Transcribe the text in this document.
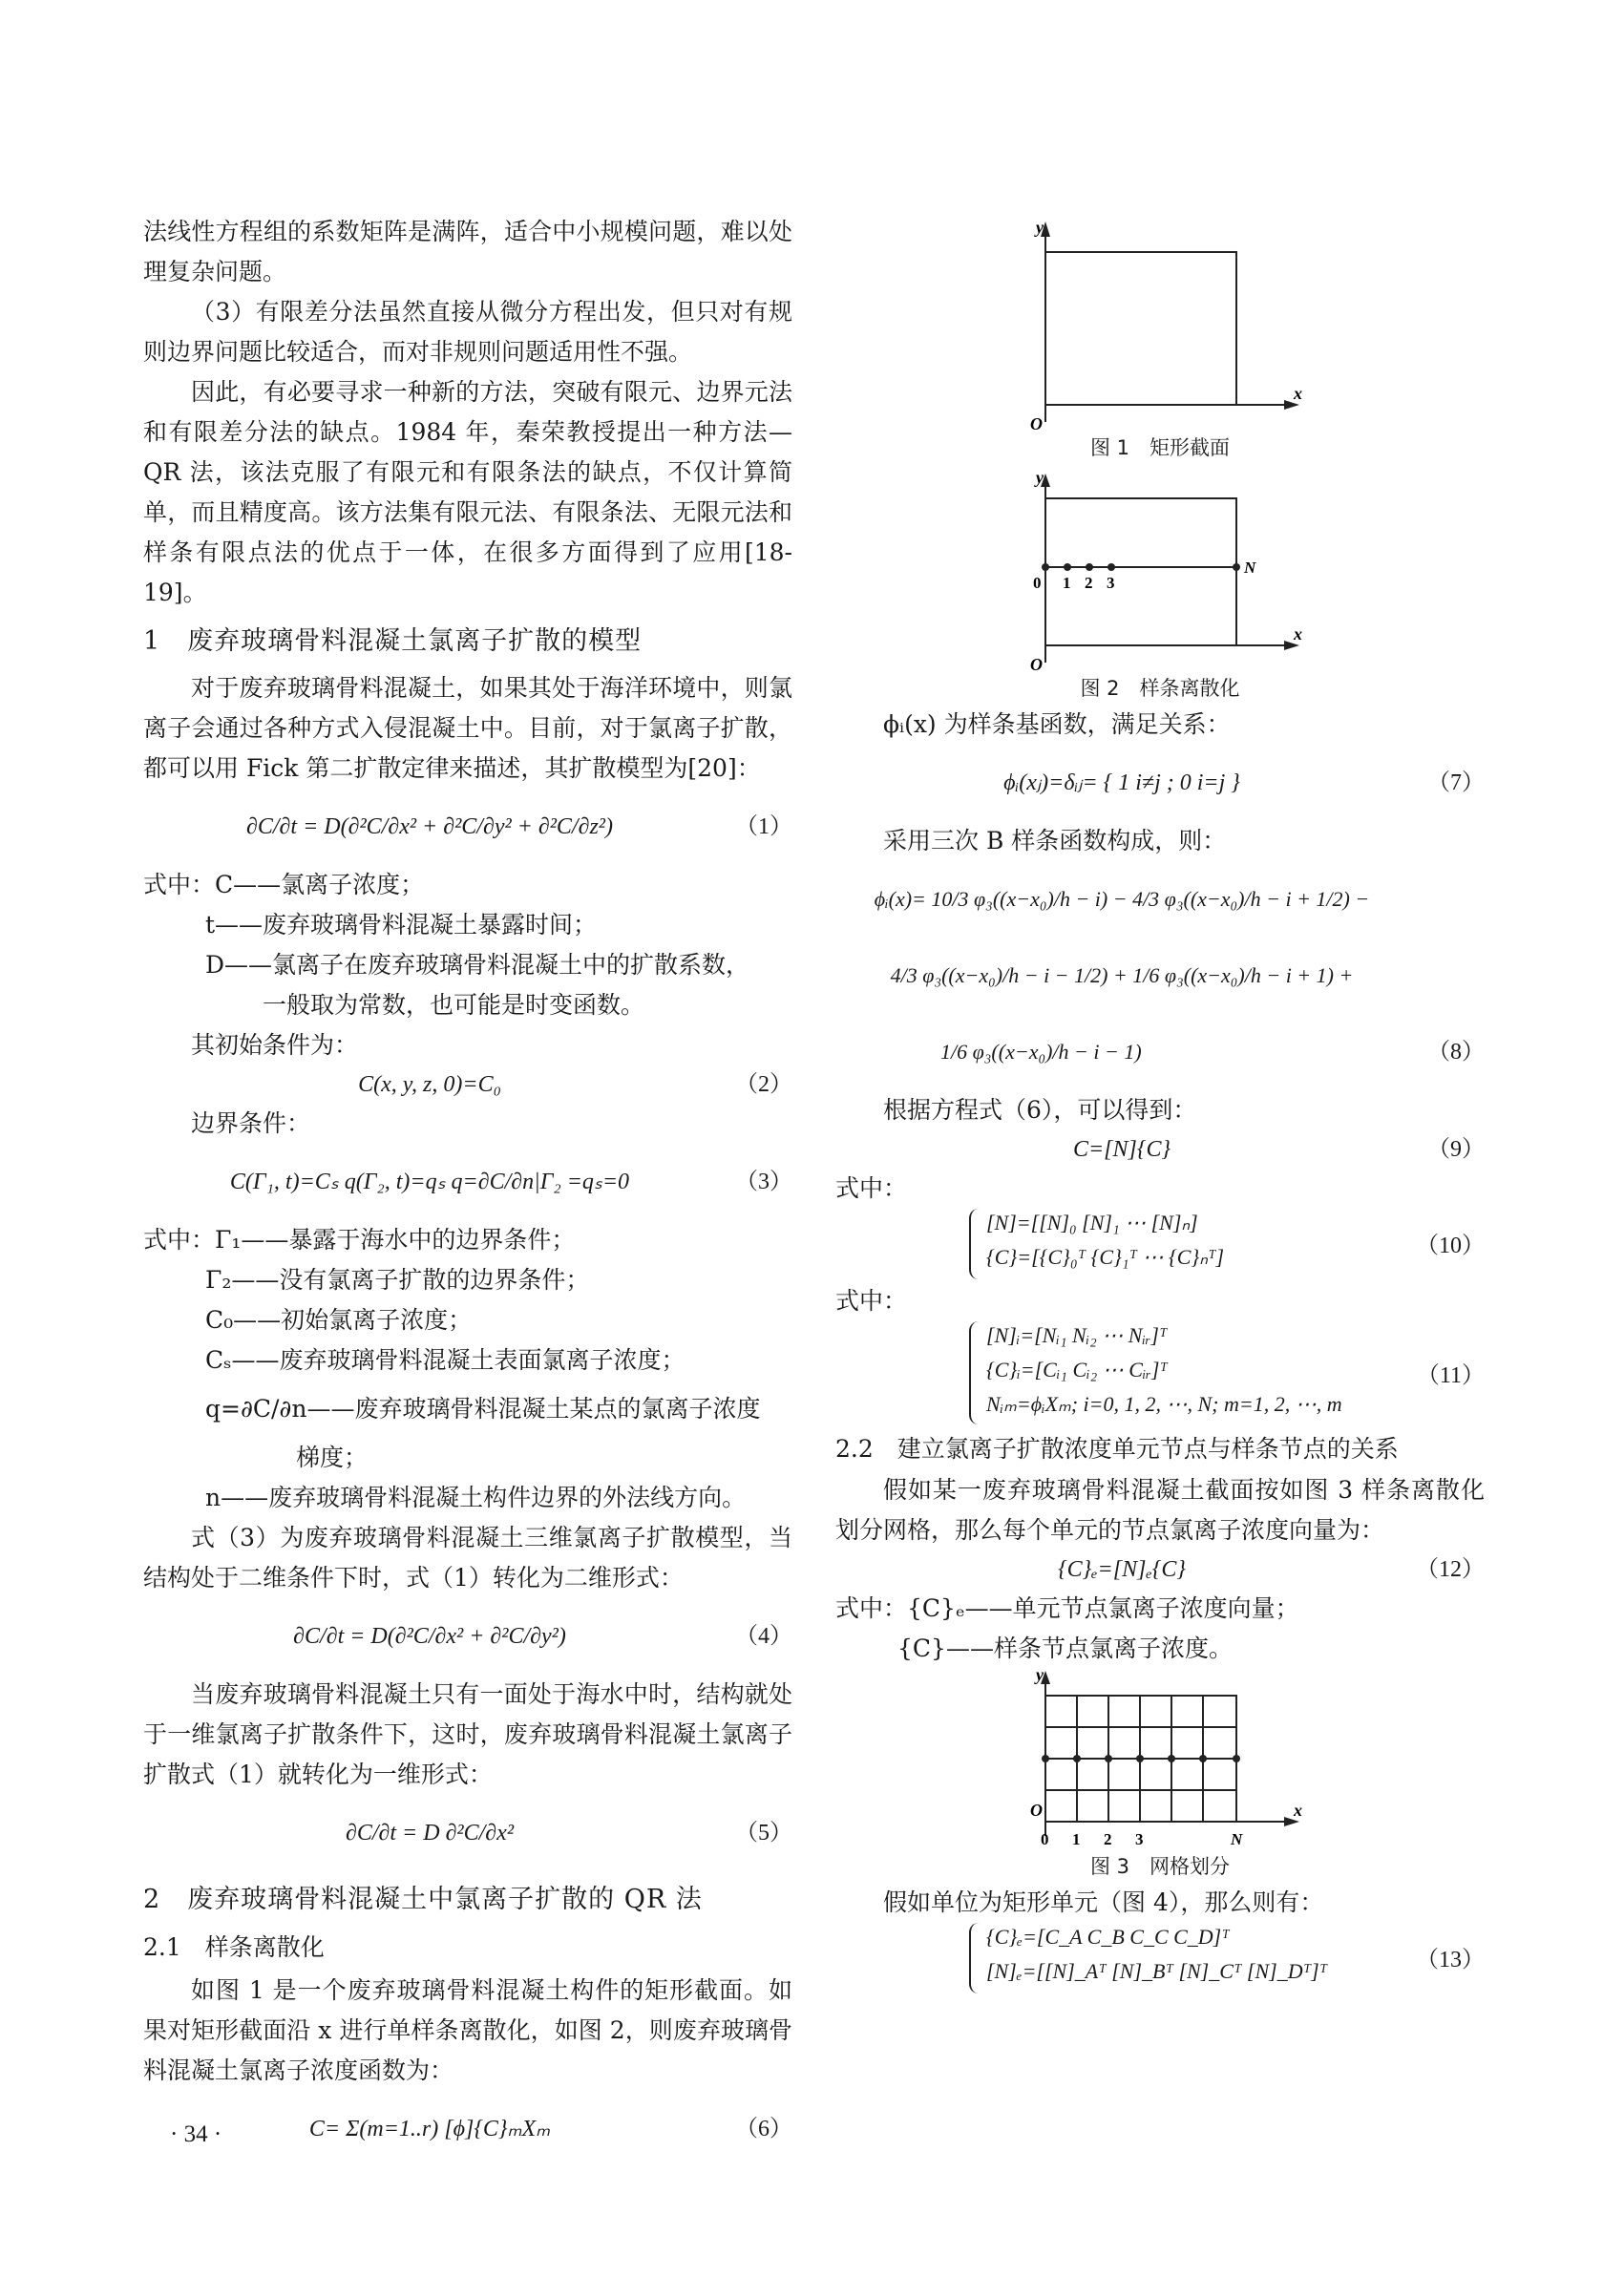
法线性方程组的系数矩阵是满阵，适合中小规模问题，难以处理复杂问题。

（3）有限差分法虽然直接从微分方程出发，但只对有规则边界问题比较适合，而对非规则问题适用性不强。

因此，有必要寻求一种新的方法，突破有限元、边界元法和有限差分法的缺点。1984 年，秦荣教授提出一种方法—QR 法，该法克服了有限元和有限条法的缺点，不仅计算简单，而且精度高。该方法集有限元法、有限条法、无限元法和样条有限点法的优点于一体，在很多方面得到了应用[18-19]。

1　废弃玻璃骨料混凝土氯离子扩散的模型

对于废弃玻璃骨料混凝土，如果其处于海洋环境中，则氯离子会通过各种方式入侵混凝土中。目前，对于氯离子扩散，都可以用 Fick 第二扩散定律来描述，其扩散模型为[20]：

∂C/∂t = D(∂²C/∂x² + ∂²C/∂y² + ∂²C/∂z²)	（1）
式中：C——氯离子浓度；
t——废弃玻璃骨料混凝土暴露时间；
D——氯离子在废弃玻璃骨料混凝土中的扩散系数，
一般取为常数，也可能是时变函数。

其初始条件为：

C(x, y, z, 0)=C₀	（2）

边界条件：

C(Γ₁, t)=Cₛ q(Γ₂, t)=qₛ q=∂C/∂n|Γ₂ =qₛ=0	（3）
式中：Γ₁——暴露于海水中的边界条件；
Γ₂——没有氯离子扩散的边界条件；
C₀——初始氯离子浓度；
Cₛ——废弃玻璃骨料混凝土表面氯离子浓度；
q=∂C/∂n——废弃玻璃骨料混凝土某点的氯离子浓度
梯度；
n——废弃玻璃骨料混凝土构件边界的外法线方向。

式（3）为废弃玻璃骨料混凝土三维氯离子扩散模型，当结构处于二维条件下时，式（1）转化为二维形式：

∂C/∂t = D(∂²C/∂x² + ∂²C/∂y²)	（4）

当废弃玻璃骨料混凝土只有一面处于海水中时，结构就处于一维氯离子扩散条件下，这时，废弃玻璃骨料混凝土氯离子扩散式（1）就转化为一维形式：

∂C/∂t = D ∂²C/∂x²	（5）
2　废弃玻璃骨料混凝土中氯离子扩散的 QR 法
2.1　样条离散化

如图 1 是一个废弃玻璃骨料混凝土构件的矩形截面。如果对矩形截面沿 x 进行单样条离散化，如图 2，则废弃玻璃骨料混凝土氯离子浓度函数为：

C= Σ(m=1..r) [ϕ]{C}ₘXₘ	（6）
y
x
O
图 1　矩形截面
0 1 2 3
N
y
x
O
图 2　样条离散化

ϕᵢ(x) 为样条基函数，满足关系：

ϕᵢ(xⱼ)=δᵢⱼ= { 1 i≠j ; 0 i=j }	（7）

采用三次 B 样条函数构成，则：

ϕᵢ(x)= 10/3 φ₃((x−x₀)/h − i) − 4/3 φ₃((x−x₀)/h − i + 1/2) −
4/3 φ₃((x−x₀)/h − i − 1/2) + 1/6 φ₃((x−x₀)/h − i + 1) +
1/6 φ₃((x−x₀)/h − i − 1)	（8）

根据方程式（6），可以得到：

C=[N]{C}	（9）

式中：

[N]=[[N]₀ [N]₁ ⋯ [N]ₙ]
{C}=[{C}₀ᵀ {C}₁ᵀ ⋯ {C}ₙᵀ]	（10）

式中：

[N]ᵢ=[Nᵢ₁ Nᵢ₂ ⋯ Nᵢᵣ]ᵀ
{C}ᵢ=[Cᵢ₁ Cᵢ₂ ⋯ Cᵢᵣ]ᵀ
Nᵢₘ=ϕᵢXₘ; i=0, 1, 2, ⋯, N; m=1, 2, ⋯, m
（11）
2.2　建立氯离子扩散浓度单元节点与样条节点的关系

假如某一废弃玻璃骨料混凝土截面按如图 3 样条离散化划分网格，那么每个单元的节点氯离子浓度向量为：

{C}ₑ=[N]ₑ{C}	（12）
式中：{C}ₑ——单元节点氯离子浓度向量；
{C}——样条节点氯离子浓度。
y
x
O
0 1 2 3	N
图 3　网格划分

假如单位为矩形单元（图 4），那么则有：

{C}ₑ=[C_A C_B C_C C_D]ᵀ
[N]ₑ=[[N]_Aᵀ [N]_Bᵀ [N]_Cᵀ [N]_Dᵀ]ᵀ	（13）
· 34 ·
